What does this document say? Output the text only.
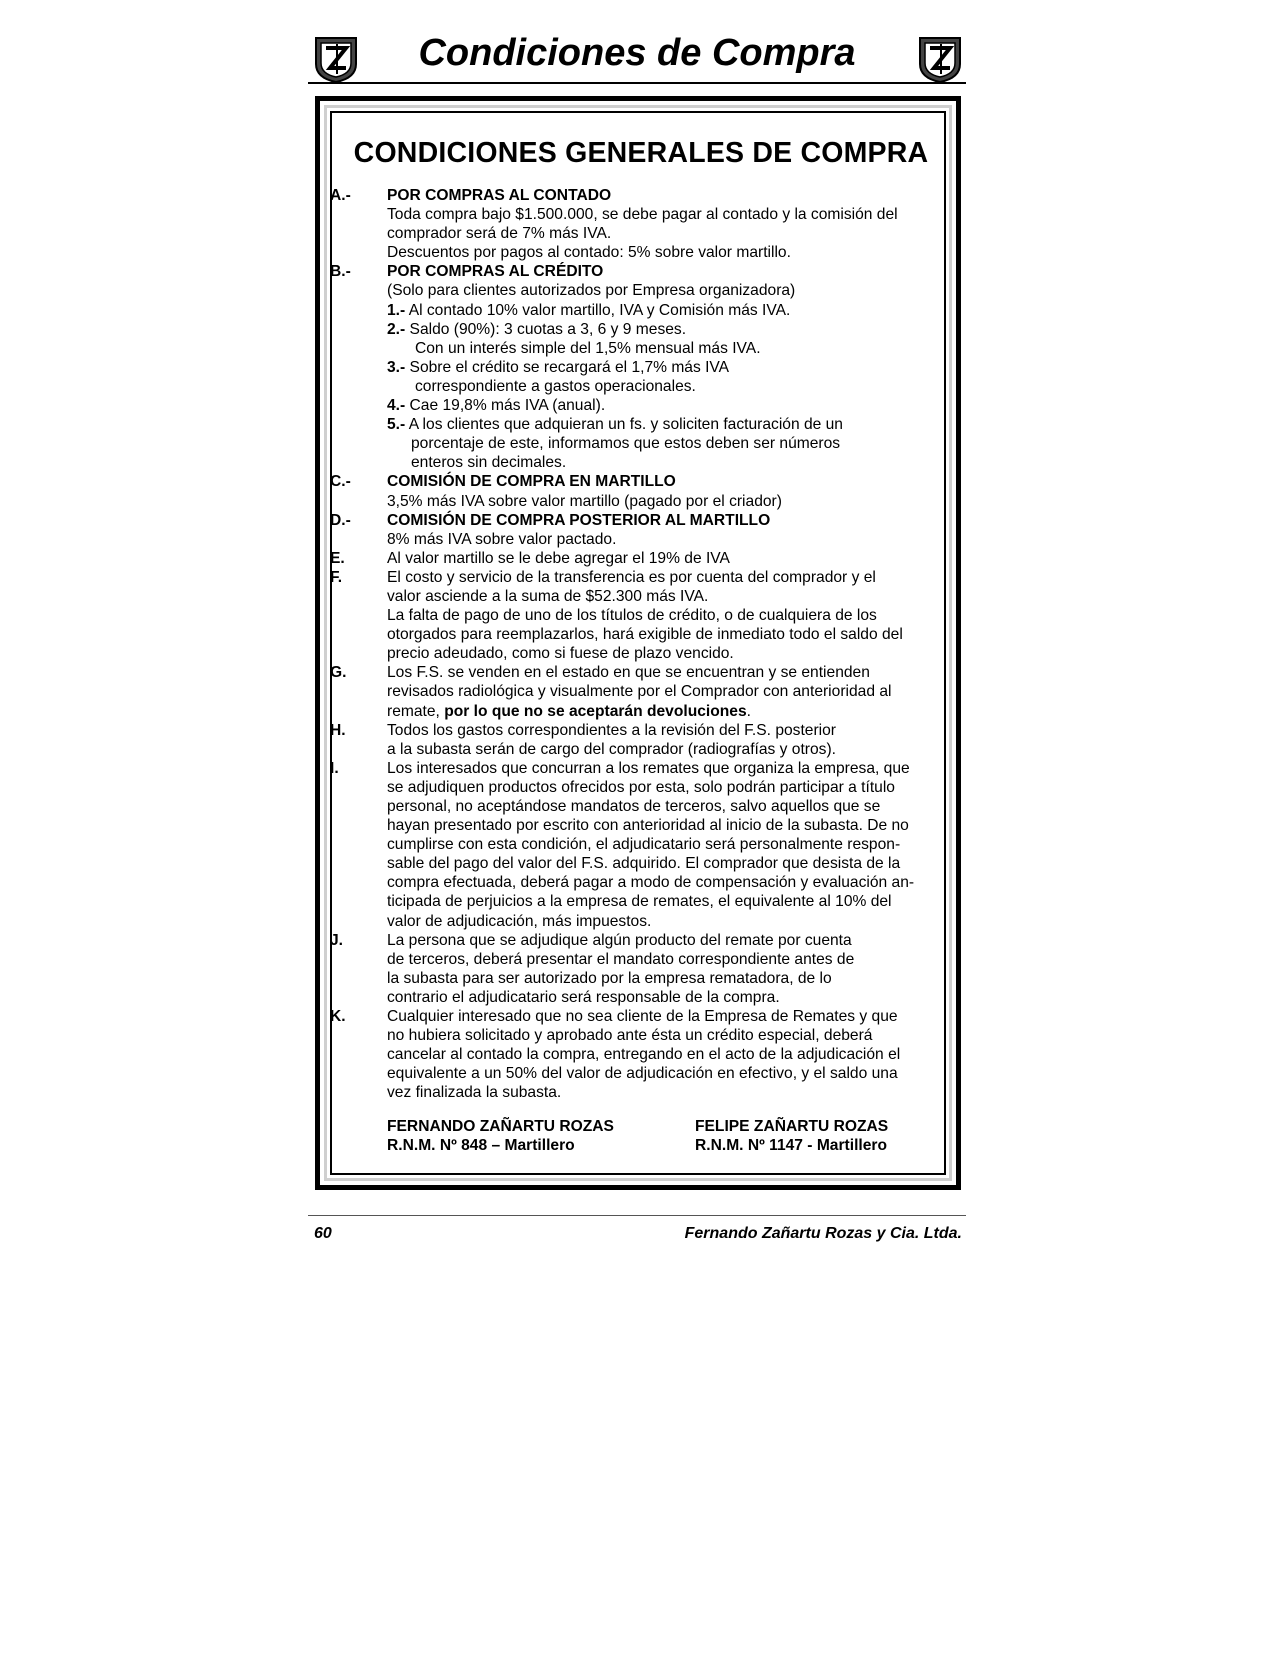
Condiciones de Compra
CONDICIONES GENERALES DE COMPRA
A.- POR COMPRAS AL CONTADO
Toda compra bajo $1.500.000, se debe pagar al contado y la comisión del
comprador será de 7% más IVA.
Descuentos por pagos al contado: 5% sobre valor martillo.
B.- POR COMPRAS AL CRÉDITO
(Solo para clientes autorizados por Empresa organizadora)
1.- Al contado 10% valor martillo, IVA y Comisión más IVA.
2.- Saldo (90%): 3 cuotas a 3, 6 y 9 meses.
Con un interés simple del 1,5% mensual más IVA.
3.- Sobre el crédito se recargará el 1,7% más IVA
correspondiente a gastos operacionales.
4.- Cae 19,8% más IVA (anual).
5.- A los clientes que adquieran un fs. y soliciten facturación de un
porcentaje de este, informamos que estos deben ser números
enteros sin decimales.
C.- COMISIÓN DE COMPRA EN MARTILLO
3,5% más IVA sobre valor martillo (pagado por el criador)
D.- COMISIÓN DE COMPRA POSTERIOR AL MARTILLO
8% más IVA sobre valor pactado.
E.	Al valor martillo se le debe agregar el 19% de IVA
F.	El costo y servicio de la transferencia es por cuenta del comprador y el
valor asciende a la suma de $52.300 más IVA.
La falta de pago de uno de los títulos de crédito, o de cualquiera de los
otorgados para reemplazarlos, hará exigible de inmediato todo el saldo del
precio adeudado, como si fuese de plazo vencido.
G.	Los F.S. se venden en el estado en que se encuentran y se entienden
revisados radiológica y visualmente por el Comprador con anterioridad al
remate, por lo que no se aceptarán devoluciones.
H.	Todos los gastos correspondientes a la revisión del F.S. posterior
a la subasta serán de cargo del comprador (radiografías y otros).
I.	Los interesados que concurran a los remates que organiza la empresa, que
se adjudiquen productos ofrecidos por esta, solo podrán participar a título
personal, no aceptándose mandatos de terceros, salvo aquellos que se
hayan presentado por escrito con anterioridad al inicio de la subasta. De no
cumplirse con esta condición, el adjudicatario será personalmente respon-
sable del pago del valor del F.S. adquirido. El comprador que desista de la
compra efectuada, deberá pagar a modo de compensación y evaluación an-
ticipada de perjuicios a la empresa de remates, el equivalente al 10% del
valor de adjudicación, más impuestos.
J.	La persona que se adjudique algún producto del remate por cuenta
de terceros, deberá presentar el mandato correspondiente antes de
la subasta para ser autorizado por la empresa rematadora, de lo
contrario el adjudicatario será responsable de la compra.
K.	Cualquier interesado que no sea cliente de la Empresa de Remates y que
no hubiera solicitado y aprobado ante ésta un crédito especial, deberá
cancelar al contado la compra, entregando en el acto de la adjudicación el
equivalente a un 50% del valor de adjudicación en efectivo, y el saldo una
vez finalizada la subasta.
FERNANDO ZAÑARTU ROZAS
R.N.M. Nº 848 – Martillero
FELIPE ZAÑARTU ROZAS
R.N.M. Nº 1147 - Martillero
60	Fernando Zañartu Rozas y Cia. Ltda.
